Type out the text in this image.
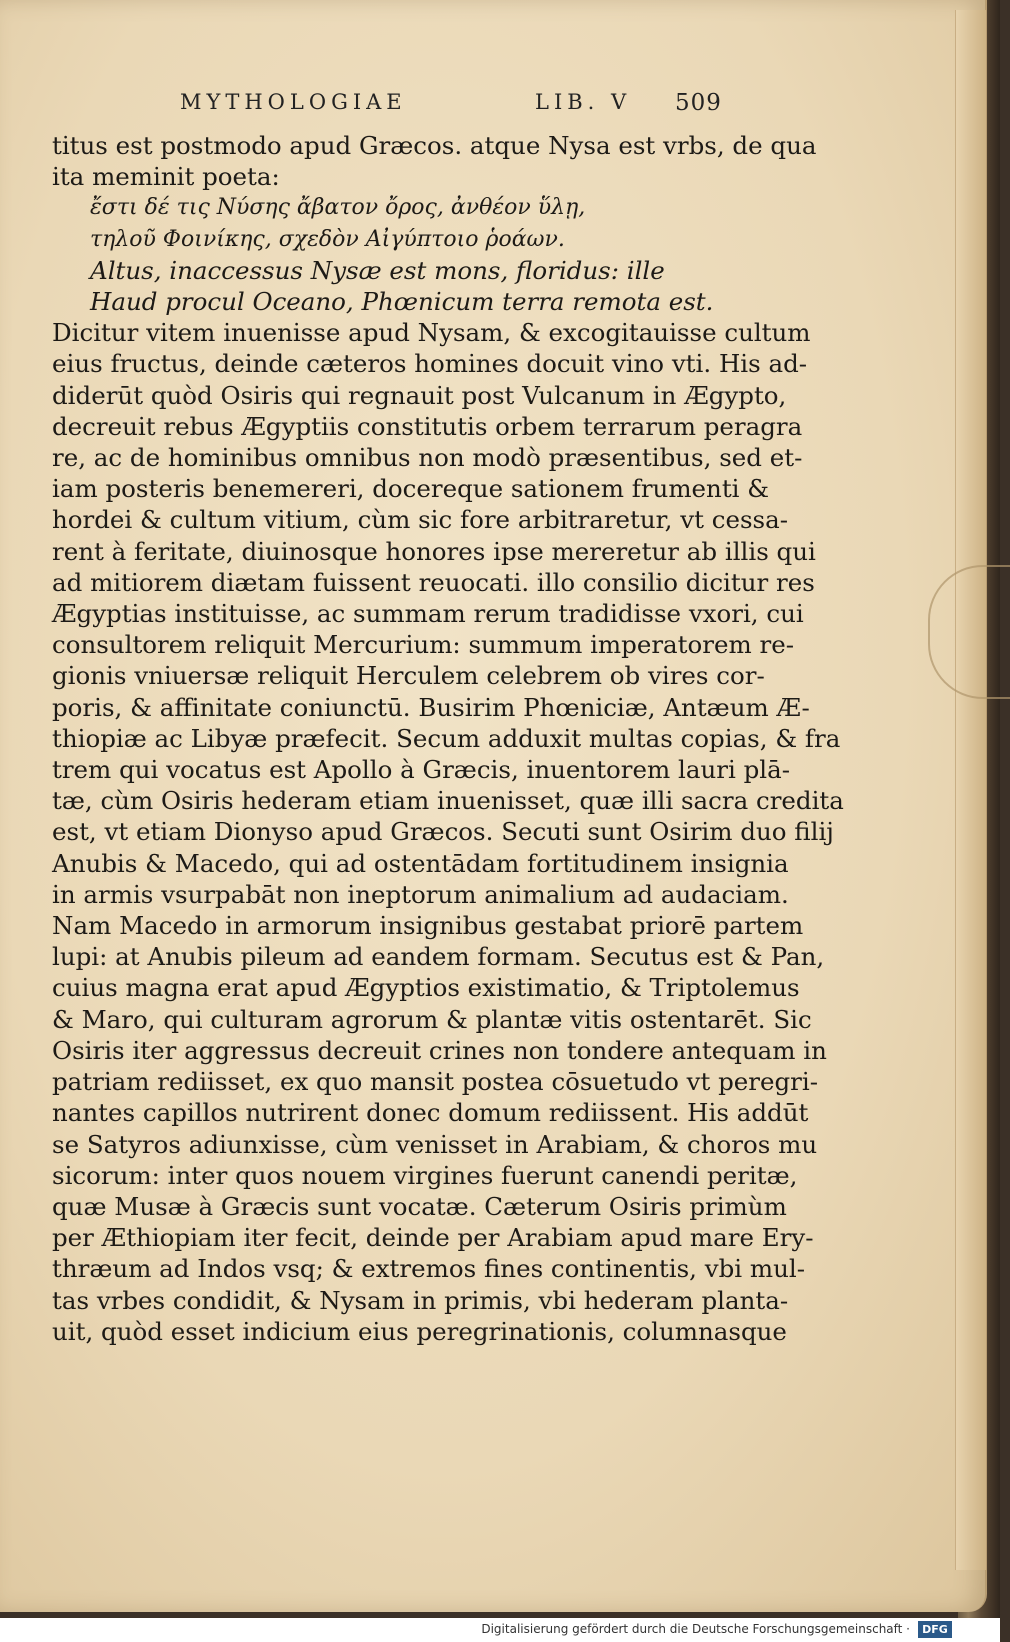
MYTHOLOGIAE	LIB. V 509
titus est postmodo apud Græcos. atque Nysa est vrbs, de qua
ita meminit poeta:
ἔστι δέ τις Νύσης ἄβατον ὄρος, ἀνθέον ὕλῃ,
τηλοῦ Φοινίκης, σχεδὸν Αἰγύπτοιο ῥοάων.
Altus, inaccessus Nysæ est mons, floridus: ille
Haud procul Oceano, Phœnicum terra remota est.
Dicitur vitem inuenisse apud Nysam, & excogitauisse cultum
eius fructus, deinde cæteros homines docuit vino vti. His ad-
diderūt quòd Osiris qui regnauit post Vulcanum in Ægypto,
decreuit rebus Ægyptiis constitutis orbem terrarum peragra
re, ac de hominibus omnibus non modò præsentibus, sed et-
iam posteris benemereri, docereque sationem frumenti &
hordei & cultum vitium, cùm sic fore arbitraretur, vt cessa-
rent à feritate, diuinosque honores ipse mereretur ab illis qui
ad mitiorem diætam fuissent reuocati. illo consilio dicitur res
Ægyptias instituisse, ac summam rerum tradidisse vxori, cui
consultorem reliquit Mercurium: summum imperatorem re-
gionis vniuersæ reliquit Herculem celebrem ob vires cor-
poris, & affinitate coniunctū. Busirim Phœniciæ, Antæum Æ-
thiopiæ ac Libyæ præfecit. Secum adduxit multas copias, & fra
trem qui vocatus est Apollo à Græcis, inuentorem lauri plā-
tæ, cùm Osiris hederam etiam inuenisset, quæ illi sacra credita
est, vt etiam Dionyso apud Græcos. Secuti sunt Osirim duo filij
Anubis & Macedo, qui ad ostentādam fortitudinem insignia
in armis vsurpabāt non ineptorum animalium ad audaciam.
Nam Macedo in armorum insignibus gestabat priorē partem
lupi: at Anubis pileum ad eandem formam. Secutus est & Pan,
cuius magna erat apud Ægyptios existimatio, & Triptolemus
& Maro, qui culturam agrorum & plantæ vitis ostentarēt. Sic
Osiris iter aggressus decreuit crines non tondere antequam in
patriam rediisset, ex quo mansit postea cōsuetudo vt peregri-
nantes capillos nutrirent donec domum rediissent. His addūt
se Satyros adiunxisse, cùm venisset in Arabiam, & choros mu
sicorum: inter quos nouem virgines fuerunt canendi peritæ,
quæ Musæ à Græcis sunt vocatæ. Cæterum Osiris primùm
per Æthiopiam iter fecit, deinde per Arabiam apud mare Ery-
thræum ad Indos vsq; & extremos fines continentis, vbi mul-
tas vrbes condidit, & Nysam in primis, vbi hederam planta-
uit, quòd esset indicium eius peregrinationis, columnasque
Digitalisierung gefördert durch die Deutsche Forschungsgemeinschaft ·	DFG
